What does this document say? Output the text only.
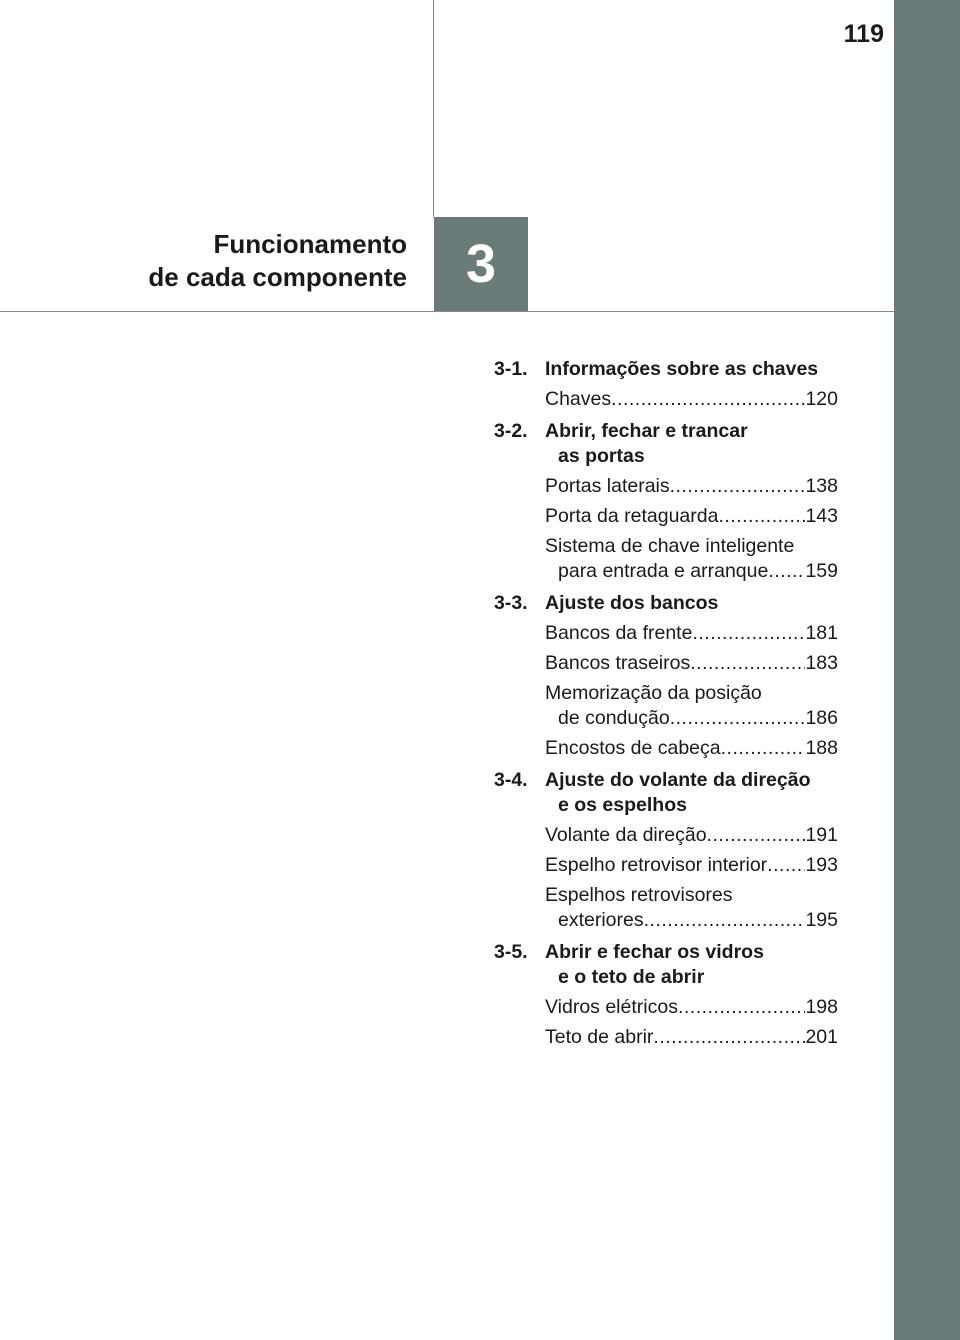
119
Funcionamento
de cada componente	3
3-1. Informações sobre as chaves
Chaves .....	120
3-2. Abrir, fechar e trancar
as portas
Portas laterais .....	138
Porta da retaguarda .....	143
Sistema de chave inteligente
para entrada e arranque ..... 159
3-3. Ajuste dos bancos
Bancos da frente .....	181
Bancos traseiros .....	183
Memorização da posição
de condução .....	186
Encostos de cabeça .....	188
3-4. Ajuste do volante da direção
e os espelhos
Volante da direção .....	191
Espelho retrovisor interior ..... 193
Espelhos retrovisores
exteriores .....	195
3-5. Abrir e fechar os vidros
e o teto de abrir
Vidros elétricos .....	198
Teto de abrir .....	201
